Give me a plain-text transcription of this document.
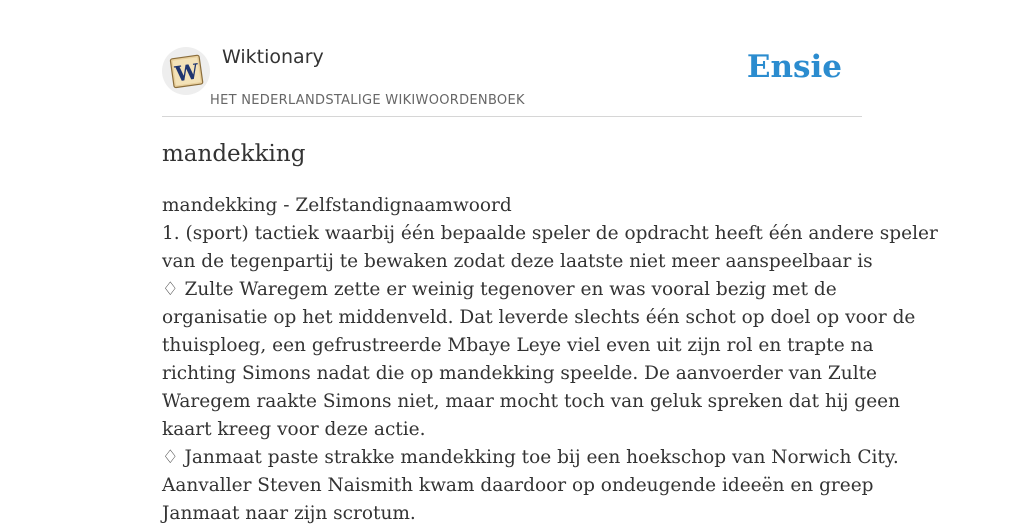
W
Wiktionary
HET NEDERLANDSTALIGE WIKIWOORDENBOEK
Ensie
mandekking
mandekking - Zelfstandignaamwoord
1. (sport) tactiek waarbij één bepaalde speler de opdracht heeft één andere speler
van de tegenpartij te bewaken zodat deze laatste niet meer aanspeelbaar is
♢ Zulte Waregem zette er weinig tegenover en was vooral bezig met de
organisatie op het middenveld. Dat leverde slechts één schot op doel op voor de
thuisploeg, een gefrustreerde Mbaye Leye viel even uit zijn rol en trapte na
richting Simons nadat die op mandekking speelde. De aanvoerder van Zulte
Waregem raakte Simons niet, maar mocht toch van geluk spreken dat hij geen
kaart kreeg voor deze actie.
♢ Janmaat paste strakke mandekking toe bij een hoekschop van Norwich City.
Aanvaller Steven Naismith kwam daardoor op ondeugende ideeën en greep
Janmaat naar zijn scrotum.
